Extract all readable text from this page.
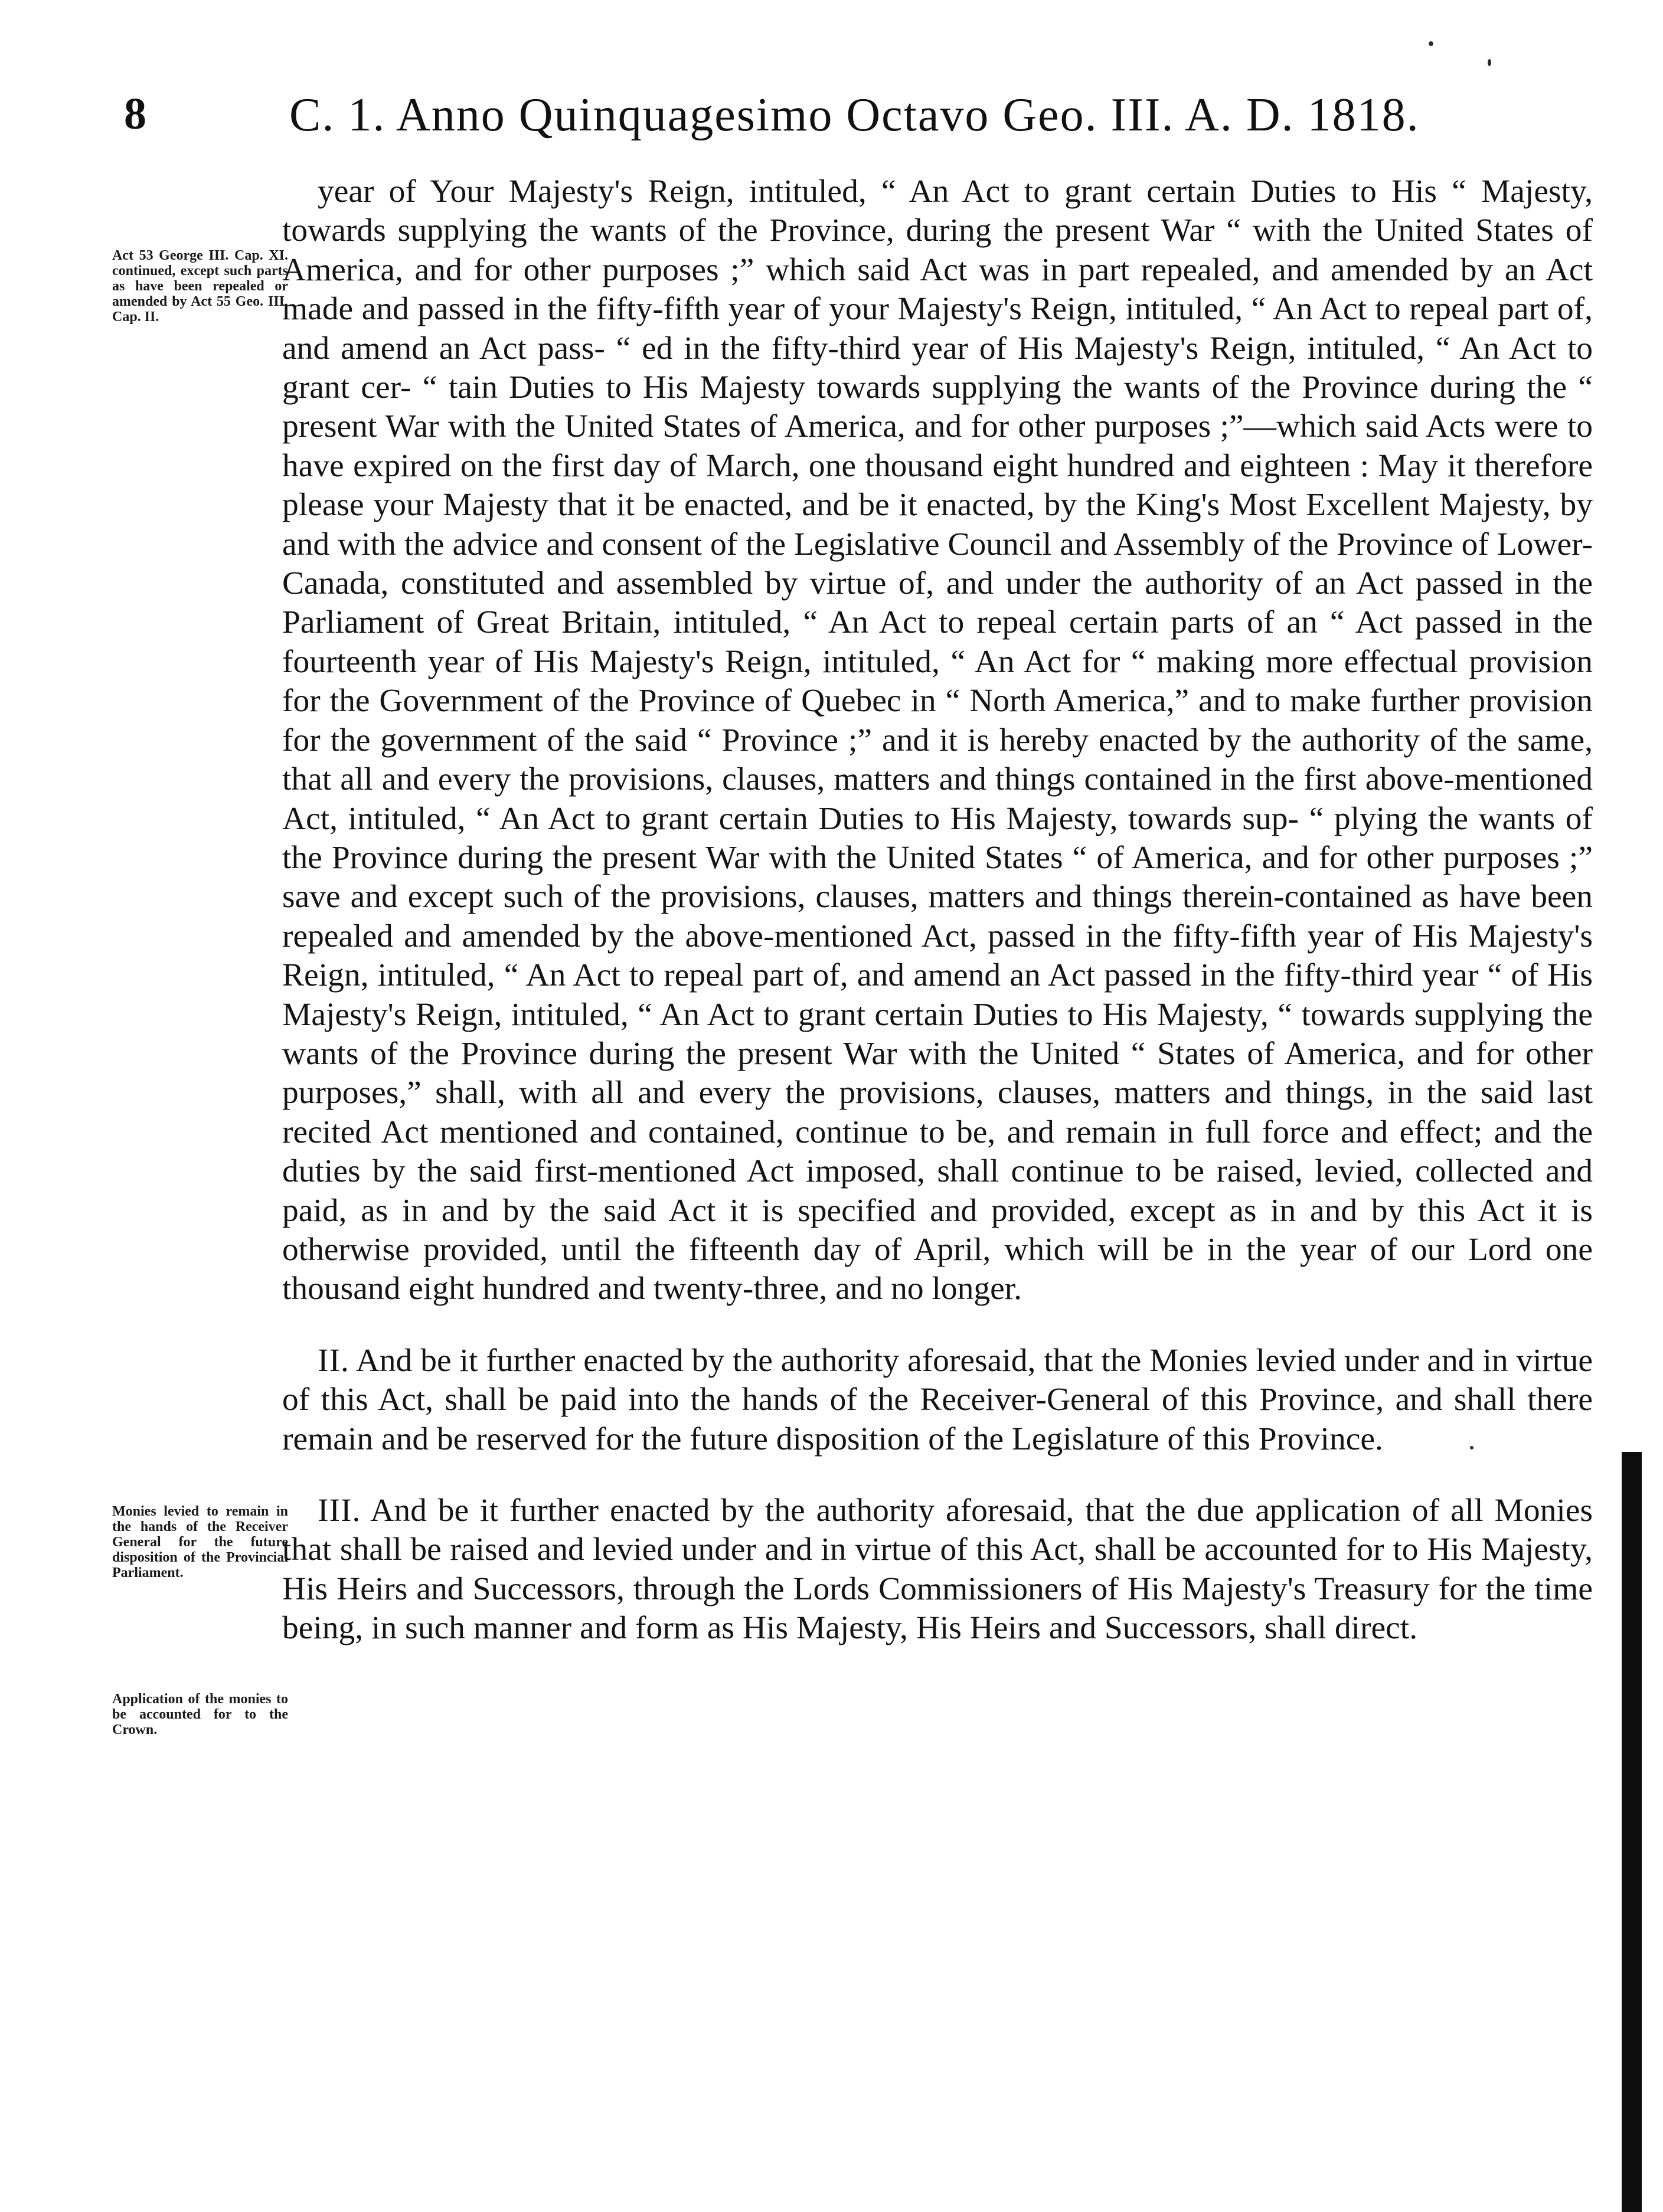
8	C. 1. Anno Quinquagesimo Octavo Geo. III. A. D. 1818.
Act 53 George III. Cap. XI. continued, except such parts as have been repealed or amended by Act 55 Geo. III, Cap. II.
Monies levied to remain in the hands of the Receiver General for the future disposition of the Provincial Parliament.
Application of the monies to be accounted for to the Crown.

year of Your Majesty's Reign, intituled, “ An Act to grant certain Duties to His “ Majesty, towards supplying the wants of the Province, during the present War “ with the United States of America, and for other purposes ;” which said Act was in part repealed, and amended by an Act made and passed in the fifty-fifth year of your Majesty's Reign, intituled, “ An Act to repeal part of, and amend an Act pass- “ ed in the fifty-third year of His Majesty's Reign, intituled, “ An Act to grant cer- “ tain Duties to His Majesty towards supplying the wants of the Province during the “ present War with the United States of America, and for other purposes ;”—which said Acts were to have expired on the first day of March, one thousand eight hundred and eighteen : May it therefore please your Majesty that it be enacted, and be it enacted, by the King's Most Excellent Majesty, by and with the advice and consent of the Legislative Council and Assembly of the Province of Lower-Canada, constituted and assembled by virtue of, and under the authority of an Act passed in the Parliament of Great Britain, intituled, “ An Act to repeal certain parts of an “ Act passed in the fourteenth year of His Majesty's Reign, intituled, “ An Act for “ making more effectual provision for the Government of the Province of Quebec in “ North America,” and to make further provision for the government of the said “ Province ;” and it is hereby enacted by the authority of the same, that all and every the provisions, clauses, matters and things contained in the first above-mentioned Act, intituled, “ An Act to grant certain Duties to His Majesty, towards sup- “ plying the wants of the Province during the present War with the United States “ of America, and for other purposes ;” save and except such of the provisions, clauses, matters and things therein-contained as have been repealed and amended by the above-mentioned Act, passed in the fifty-fifth year of His Majesty's Reign, intituled, “ An Act to repeal part of, and amend an Act passed in the fifty-third year “ of His Majesty's Reign, intituled, “ An Act to grant certain Duties to His Majesty, “ towards supplying the wants of the Province during the present War with the United “ States of America, and for other purposes,” shall, with all and every the provisions, clauses, matters and things, in the said last recited Act mentioned and contained, continue to be, and remain in full force and effect; and the duties by the said first-mentioned Act imposed, shall continue to be raised, levied, collected and paid, as in and by the said Act it is specified and provided, except as in and by this Act it is otherwise provided, until the fifteenth day of April, which will be in the year of our Lord one thousand eight hundred and twenty-three, and no longer.

II. And be it further enacted by the authority aforesaid, that the Monies levied under and in virtue of this Act, shall be paid into the hands of the Receiver-General of this Province, and shall there remain and be reserved for the future disposition of the Legislature of this Province.

III. And be it further enacted by the authority aforesaid, that the due application of all Monies that shall be raised and levied under and in virtue of this Act, shall be accounted for to His Majesty, His Heirs and Successors, through the Lords Commissioners of His Majesty's Treasury for the time being, in such manner and form as His Majesty, His Heirs and Successors, shall direct.
